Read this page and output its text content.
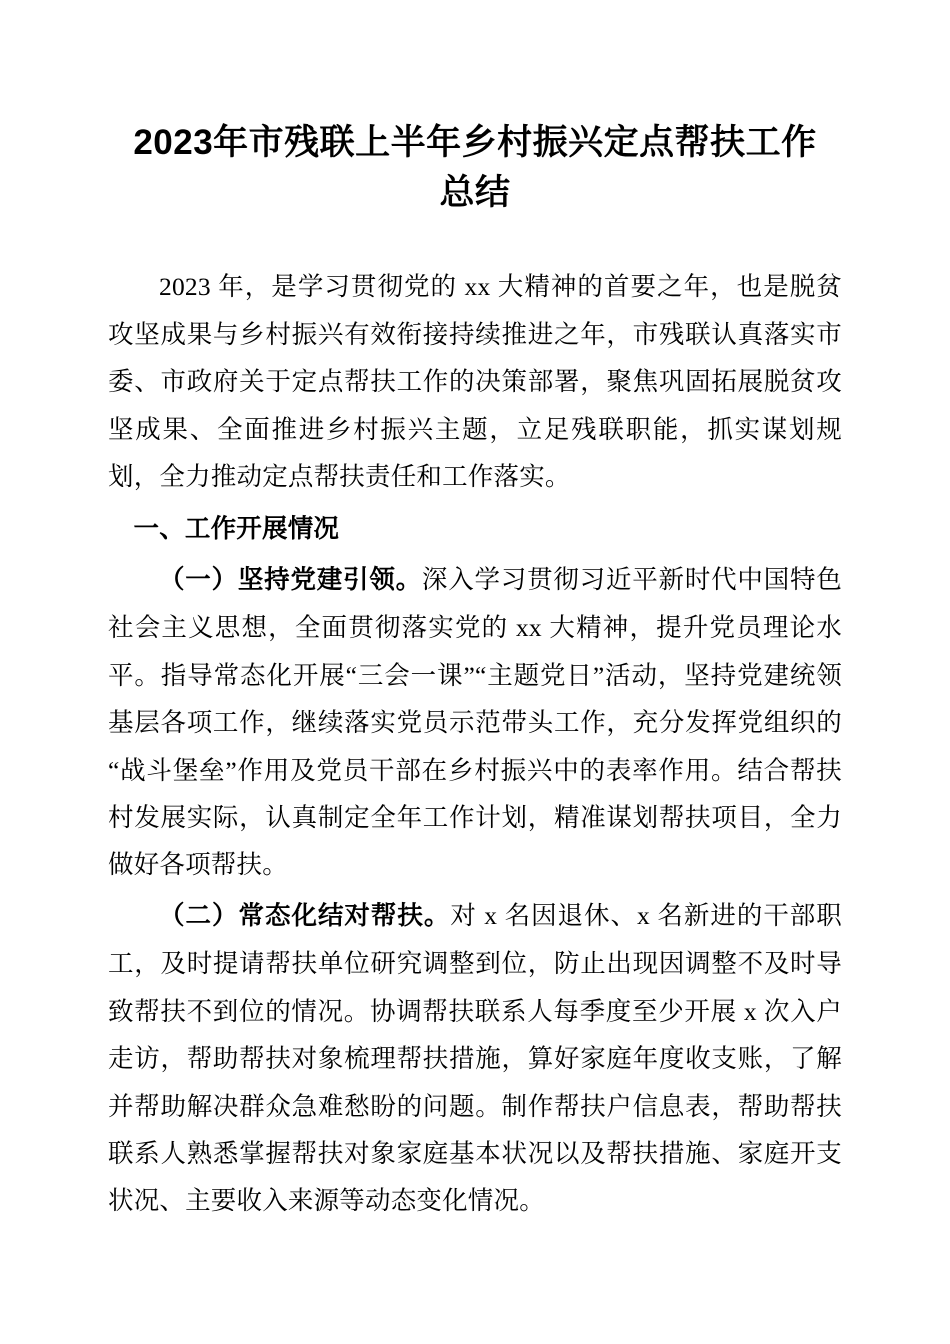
2023年市残联上半年乡村振兴定点帮扶工作总结

2023 年，是学习贯彻党的 xx 大精神的首要之年，也是脱贫攻坚成果与乡村振兴有效衔接持续推进之年，市残联认真落实市委、市政府关于定点帮扶工作的决策部署，聚焦巩固拓展脱贫攻坚成果、全面推进乡村振兴主题，立足残联职能，抓实谋划规划，全力推动定点帮扶责任和工作落实。

一、工作开展情况

（一）坚持党建引领。深入学习贯彻习近平新时代中国特色社会主义思想，全面贯彻落实党的 xx 大精神，提升党员理论水平。指导常态化开展“三会一课”“主题党日”活动，坚持党建统领基层各项工作，继续落实党员示范带头工作，充分发挥党组织的“战斗堡垒”作用及党员干部在乡村振兴中的表率作用。结合帮扶村发展实际，认真制定全年工作计划，精准谋划帮扶项目，全力做好各项帮扶。

（二）常态化结对帮扶。对 x 名因退休、x 名新进的干部职工，及时提请帮扶单位研究调整到位，防止出现因调整不及时导致帮扶不到位的情况。协调帮扶联系人每季度至少开展 x 次入户走访，帮助帮扶对象梳理帮扶措施，算好家庭年度收支账，了解并帮助解决群众急难愁盼的问题。制作帮扶户信息表，帮助帮扶联系人熟悉掌握帮扶对象家庭基本状况以及帮扶措施、家庭开支状况、主要收入来源等动态变化情况。
